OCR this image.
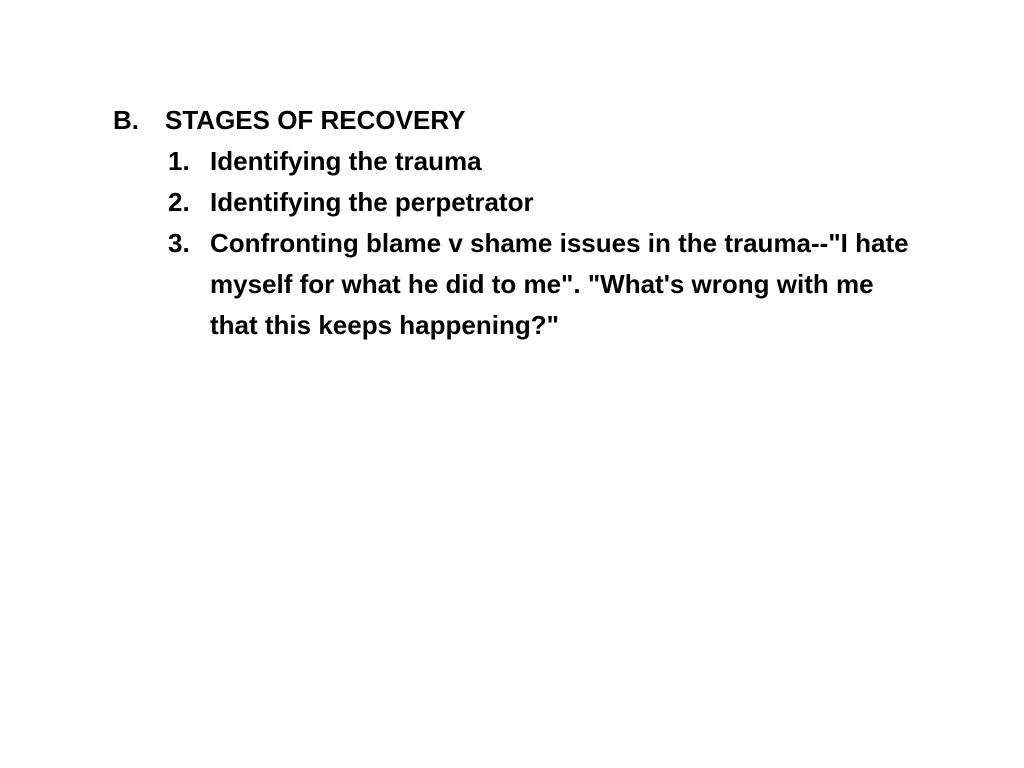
B.	STAGES OF RECOVERY
1. Identifying the trauma
2. Identifying the perpetrator
3. Confronting blame v shame issues in the trauma--"I hate
myself for what he did to me". "What's wrong with me
that this keeps happening?"
